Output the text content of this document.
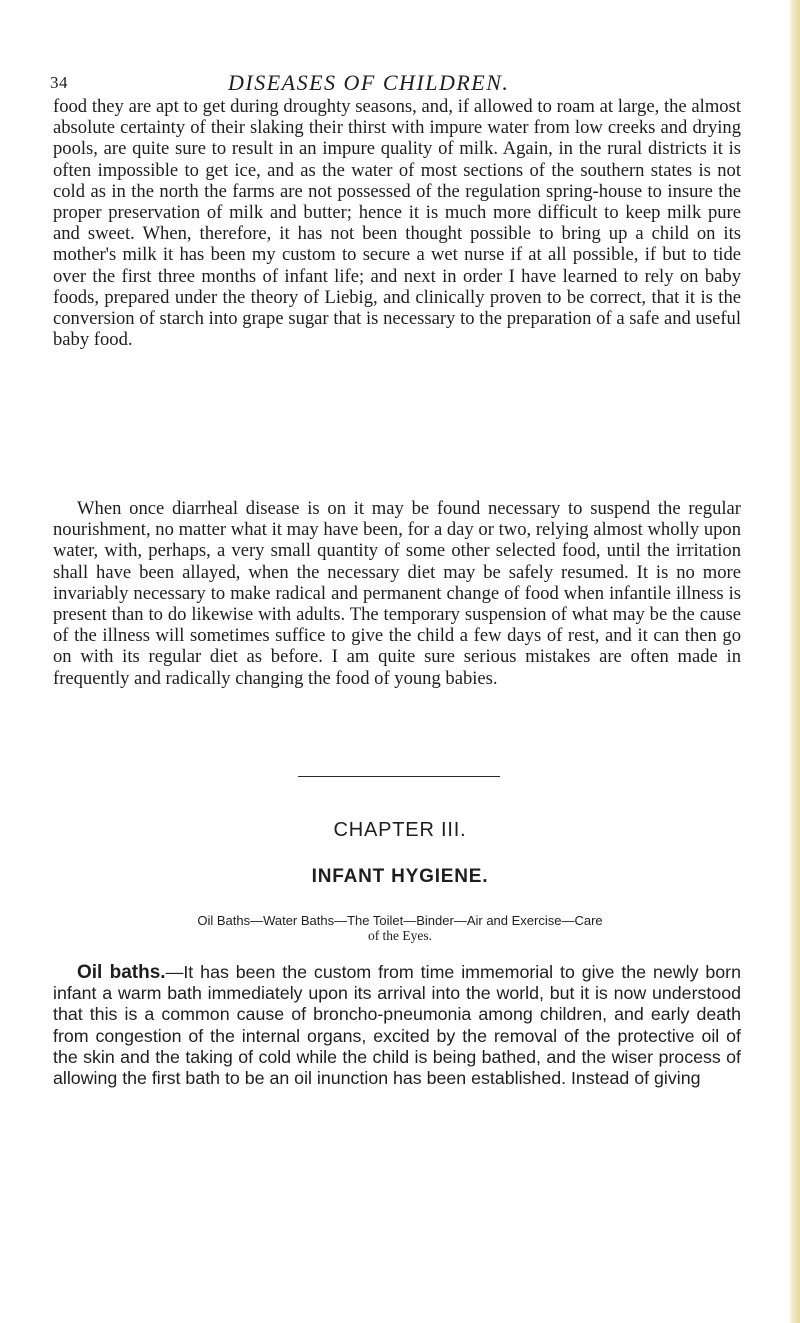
34	DISEASES OF CHILDREN.

food they are apt to get during droughty seasons, and, if allowed to roam at large, the almost absolute certainty of their slaking their thirst with impure water from low creeks and drying pools, are quite sure to result in an impure quality of milk. Again, in the rural districts it is often impossible to get ice, and as the water of most sections of the southern states is not cold as in the north the farms are not possessed of the regulation spring-house to insure the proper preservation of milk and butter; hence it is much more difficult to keep milk pure and sweet. When, therefore, it has not been thought possible to bring up a child on its mother's milk it has been my custom to secure a wet nurse if at all possible, if but to tide over the first three months of infant life; and next in order I have learned to rely on baby foods, prepared under the theory of Liebig, and clinically proven to be correct, that it is the conversion of starch into grape sugar that is necessary to the preparation of a safe and useful baby food.

When once diarrheal disease is on it may be found necessary to suspend the regular nourishment, no matter what it may have been, for a day or two, relying almost wholly upon water, with, perhaps, a very small quantity of some other selected food, until the irritation shall have been allayed, when the necessary diet may be safely resumed. It is no more invariably necessary to make radical and permanent change of food when infantile illness is present than to do likewise with adults. The temporary suspension of what may be the cause of the illness will sometimes suffice to give the child a few days of rest, and it can then go on with its regular diet as before. I am quite sure serious mistakes are often made in frequently and radically changing the food of young babies.

CHAPTER III.
INFANT HYGIENE.

Oil Baths—Water Baths—The Toilet—Binder—Air and Exercise—Care
of the Eyes.

Oil baths.—It has been the custom from time immemorial to give the newly born infant a warm bath immediately upon its arrival into the world, but it is now understood that this is a common cause of broncho-pneumonia among children, and early death from congestion of the internal organs, excited by the removal of the protective oil of the skin and the taking of cold while the child is being bathed, and the wiser process of allowing the first bath to be an oil inunction has been established. Instead of giving
